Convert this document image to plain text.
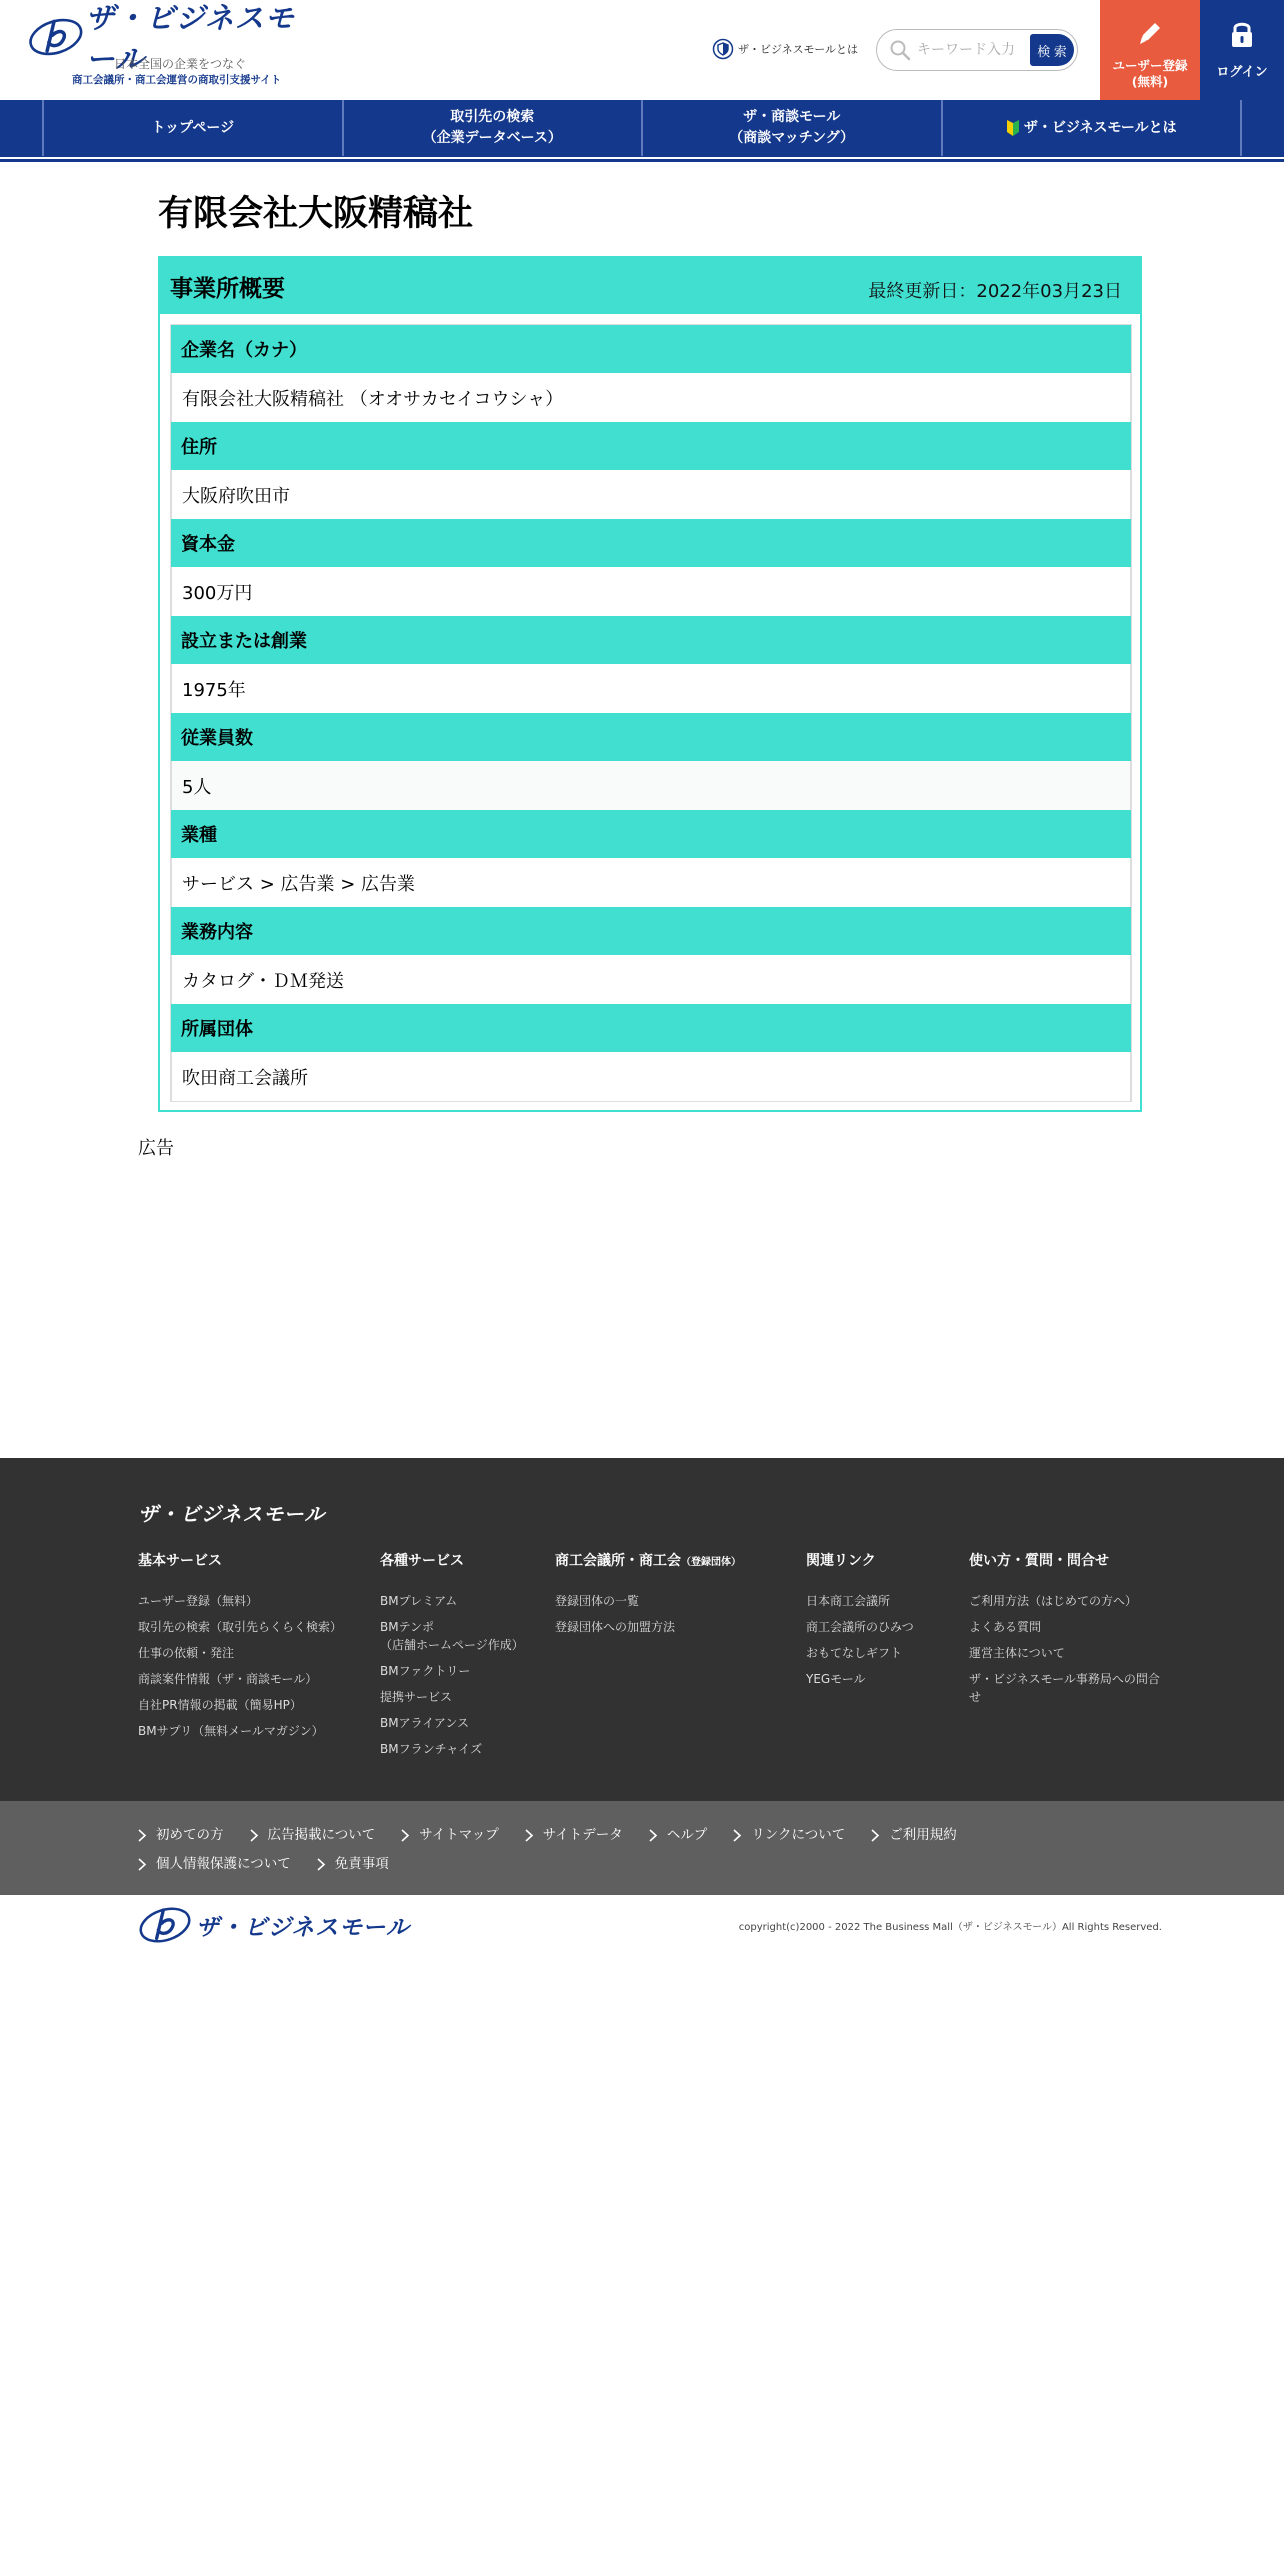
ザ・ビジネスモール
日本全国の企業をつなぐ
商工会議所・商工会運営の商取引支援サイト
ザ・ビジネスモールとは
キーワード入力	検 索
ユーザー登録
(無料)
ログイン
トップページ
取引先の検索
（企業データベース）
ザ・商談モール
（商談マッチング）
ザ・ビジネスモールとは
有限会社大阪精稿社
事業所概要	最終更新日：2022年03月23日
企業名（カナ）
有限会社大阪精稿社 （オオサカセイコウシャ）
住所
大阪府吹田市
資本金
300万円
設立または創業
1975年
従業員数
5人
業種
サービス > 広告業 > 広告業
業務内容
カタログ・ＤＭ発送
所属団体
吹田商工会議所
広告
ザ・ビジネスモール
基本サービス
ユーザー登録（無料）
取引先の検索（取引先らくらく検索）
仕事の依頼・発注
商談案件情報（ザ・商談モール）
自社PR情報の掲載（簡易HP）
BMサプリ（無料メールマガジン）
各種サービス
BMプレミアム
BMテンポ
（店舗ホームページ作成）
BMファクトリー
提携サービス
BMアライアンス
BMフランチャイズ
商工会議所・商工会（登録団体）
登録団体の一覧
登録団体への加盟方法
関連リンク
日本商工会議所
商工会議所のひみつ
おもてなしギフト
YEGモール
使い方・質問・問合せ
ご利用方法（はじめての方へ）
よくある質問
運営主体について
ザ・ビジネスモール事務局への問合
せ
初めての方	広告掲載について	サイトマップ	サイトデータ	ヘルプ	リンクについて	ご利用規約
個人情報保護について	免責事項
ザ・ビジネスモール	copyright(c)2000 - 2022 The Business Mall（ザ・ビジネスモール）All Rights Reserved.
